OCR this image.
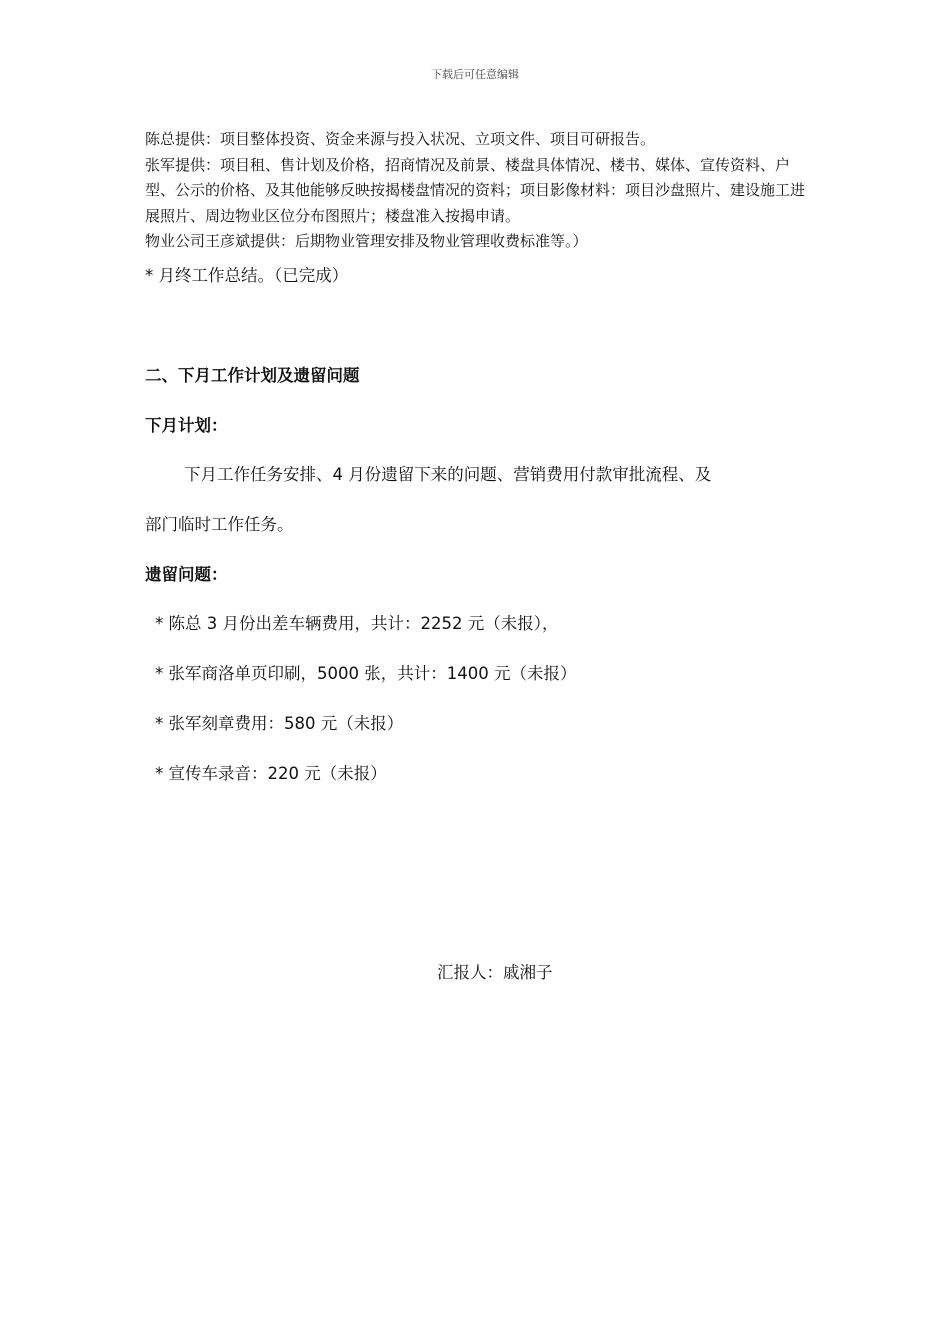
下载后可任意编辑

陈总提供：项目整体投资、资金来源与投入状况、立项文件、项目可研报告。

张军提供：项目租、售计划及价格，招商情况及前景、楼盘具体情况、楼书、媒体、宣传资料、户型、公示的价格、及其他能够反映按揭楼盘情况的资料；项目影像材料：项目沙盘照片、建设施工进展照片、周边物业区位分布图照片；楼盘准入按揭申请。

物业公司王彦斌提供：后期物业管理安排及物业管理收费标准等。）

* 月终工作总结。（已完成）

二、下月工作计划及遗留问题

下月计划：

下月工作任务安排、4 月份遗留下来的问题、营销费用付款审批流程、及

部门临时工作任务。

遗留问题：

* 陈总 3 月份出差车辆费用，共计：2252 元（未报），

* 张军商洛单页印刷，5000 张，共计：1400 元（未报）

* 张军刻章费用：580 元（未报）

* 宣传车录音：220 元（未报）

汇报人：戚湘子
